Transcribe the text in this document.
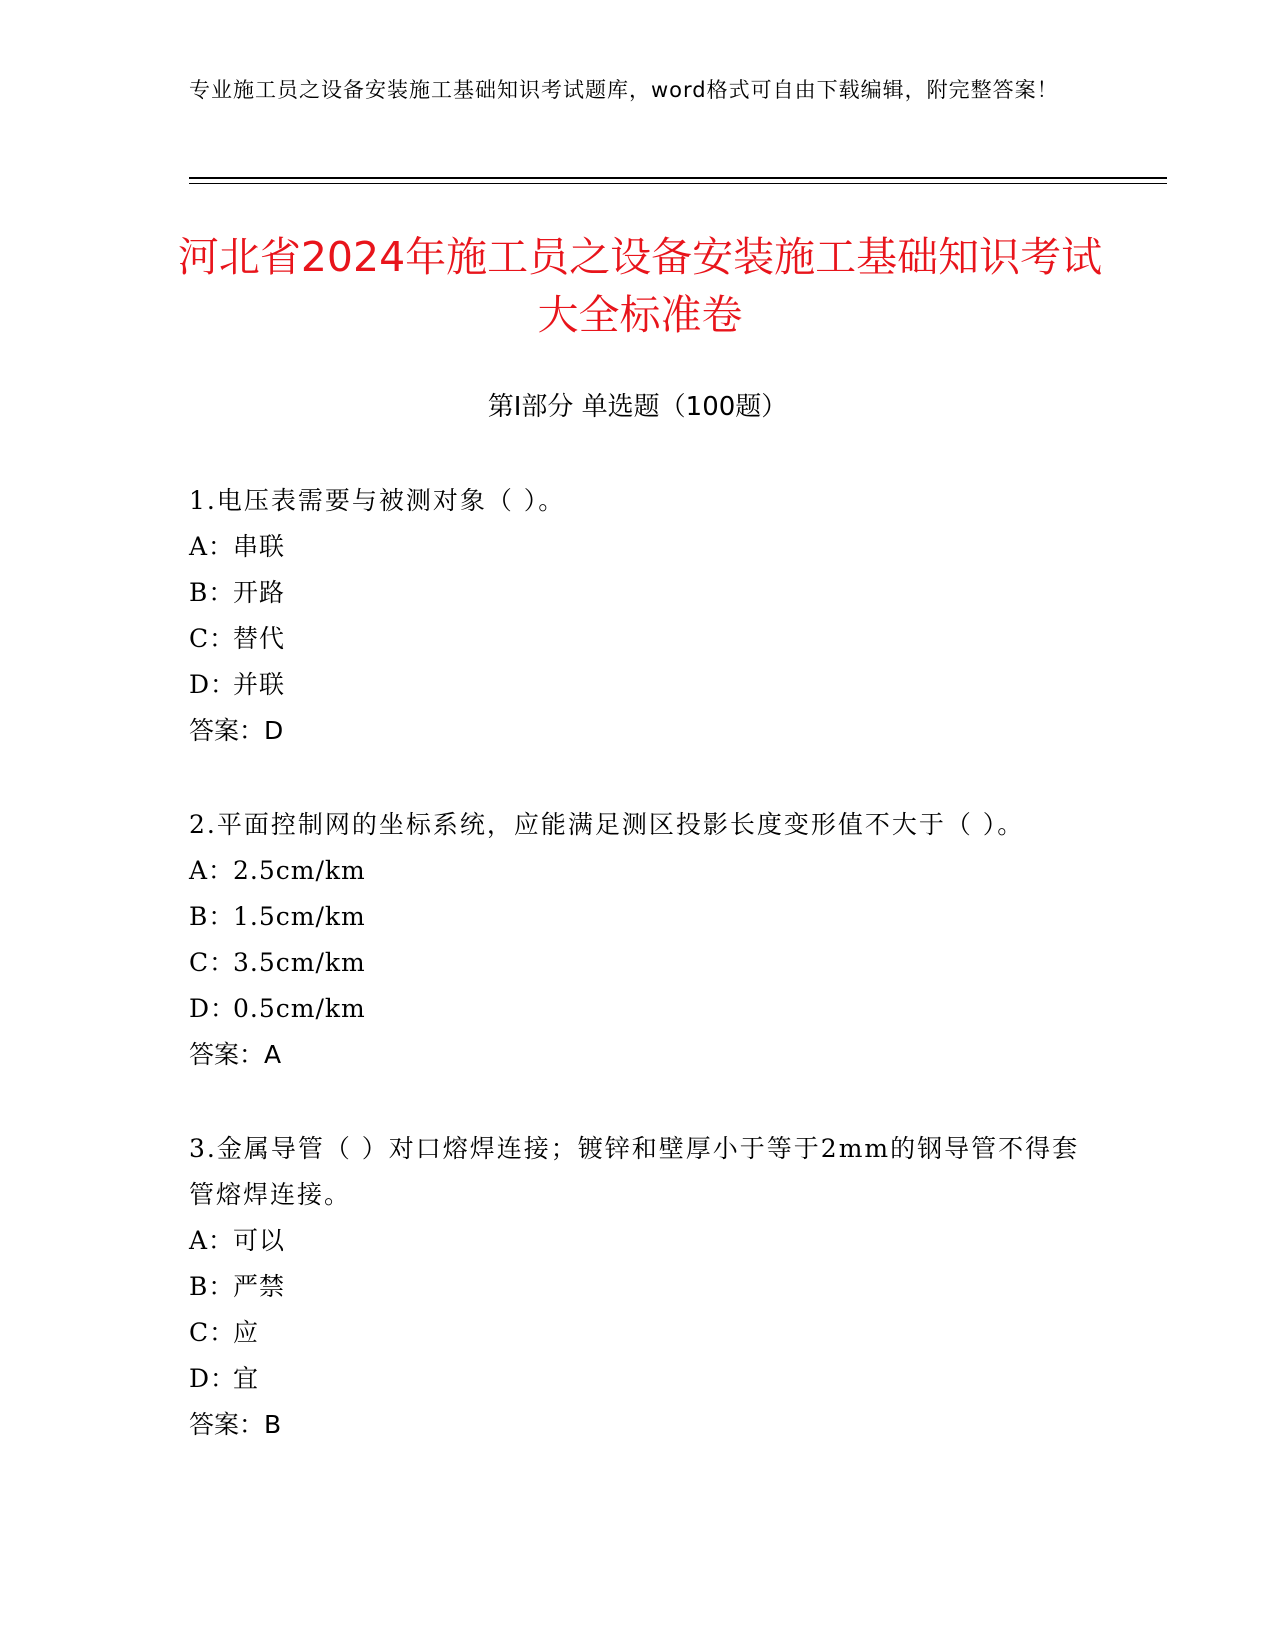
专业施工员之设备安装施工基础知识考试题库，word格式可自由下载编辑，附完整答案！
河北省2024年施工员之设备安装施工基础知识考试大全标准卷
第I部分 单选题（100题）

1.电压表需要与被测对象（ ）。

A：串联

B：开路

C：替代

D：并联

答案：D

2.平面控制网的坐标系统，应能满足测区投影长度变形值不大于（ ）。

A：2.5cm/km

B：1.5cm/km

C：3.5cm/km

D：0.5cm/km

答案：A

3.金属导管（ ）对口熔焊连接；镀锌和壁厚小于等于2mm的钢导管不得套管熔焊连接。

A：可以

B：严禁

C：应

D：宜

答案：B
